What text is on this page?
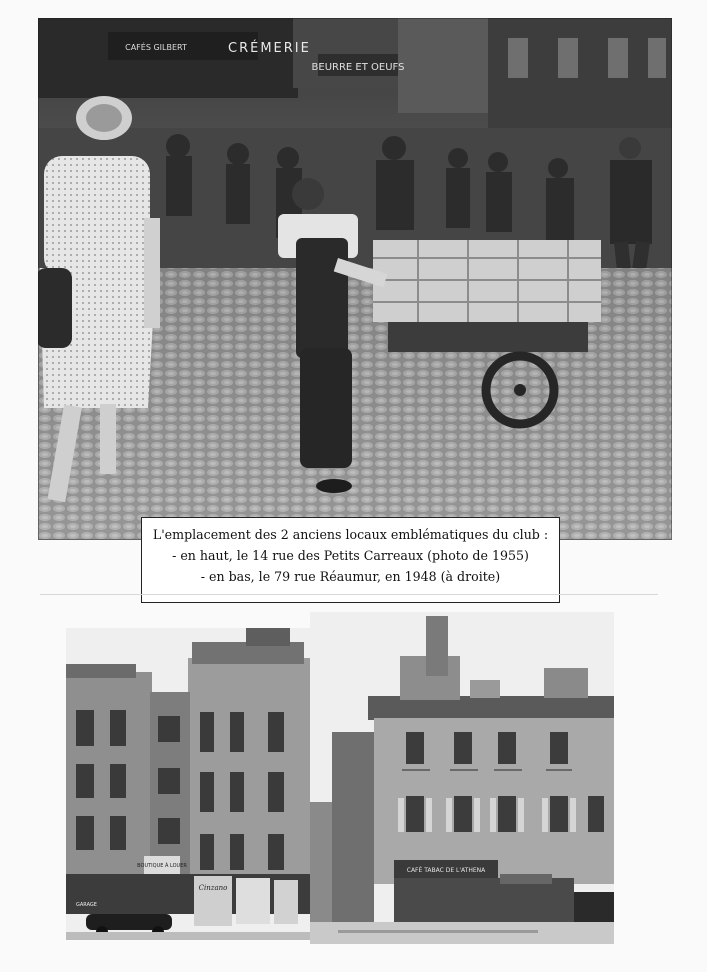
CAFÉS GILBERT	CRÉMERIE
BEURRE ET OEUFS
L'emplacement des 2 anciens locaux emblématiques du club :
- en haut, le 14 rue des Petits Carreaux (photo de 1955)
- en bas, le 79 rue Réaumur, en 1948 (à droite)
BOUTIQUE À LOUER
Cinzano
GARAGE
CAFÉ TABAC DE L'ATHENA
